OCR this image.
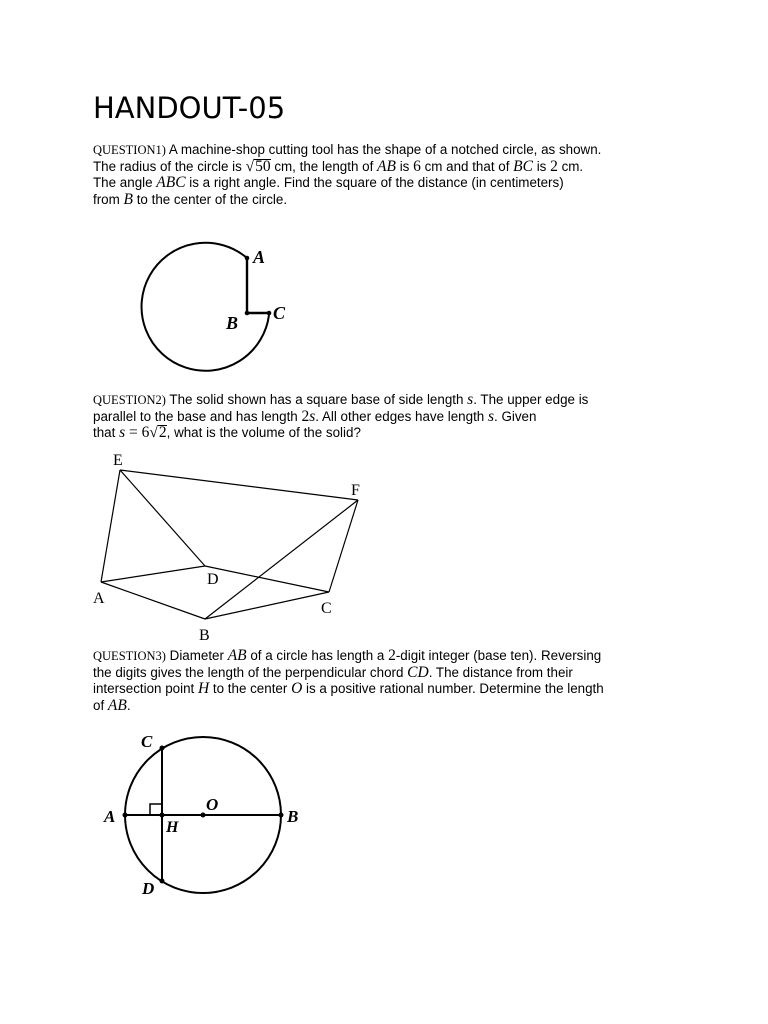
HANDOUT-05

QUESTION1) A machine-shop cutting tool has the shape of a notched circle, as shown.
The radius of the circle is √50 cm, the length of AB is 6 cm and that of BC is 2 cm.
The angle ABC is a right angle. Find the square of the distance (in centimeters)
from B to the center of the circle.

A
B C

QUESTION2) The solid shown has a square base of side length s. The upper edge is
parallel to the base and has length 2s. All other edges have length s. Given
that s = 6√2, what is the volume of the solid?

E
F
A
D
C
B

QUESTION3) Diameter AB of a circle has length a 2-digit integer (base ten). Reversing
the digits gives the length of the perpendicular chord CD. The distance from their
intersection point H to the center O is a positive rational number. Determine the length
of AB.

C
A
O
B
H
D
